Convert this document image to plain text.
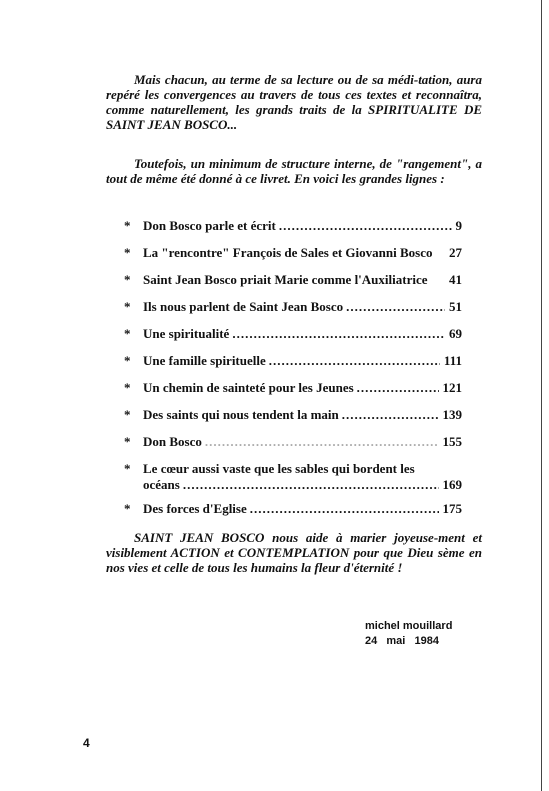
Mais chacun, au terme de sa lecture ou de sa médi-tation, aura repéré les convergences au travers de tous ces textes et reconnaîtra, comme naturellement, les grands traits de la SPIRITUALITE DE SAINT JEAN BOSCO...

Toutefois, un minimum de structure interne, de "rangement", a tout de même été donné à ce livret. En voici les grandes lignes :

* Don Bosco parle et écrit .....	9
* La "rencontre" François de Sales et Giovanni Bosco	27
* Saint Jean Bosco priait Marie comme l'Auxiliatrice	41
* Ils nous parlent de Saint Jean Bosco .....	51
* Une spiritualité .....	69
* Une famille spirituelle .....	111
* Un chemin de sainteté pour les Jeunes .....	121
* Des saints qui nous tendent la main .....	139
* Don Bosco .....	155
* Le cœur aussi vaste que les sables qui bordent les
océans .....	169
* Des forces d'Eglise .....	175

SAINT JEAN BOSCO nous aide à marier joyeuse-ment et visiblement ACTION et CONTEMPLATION pour que Dieu sème en nos vies et celle de tous les humains la fleur d'éternité !

michel mouillard
24   mai   1984
4
